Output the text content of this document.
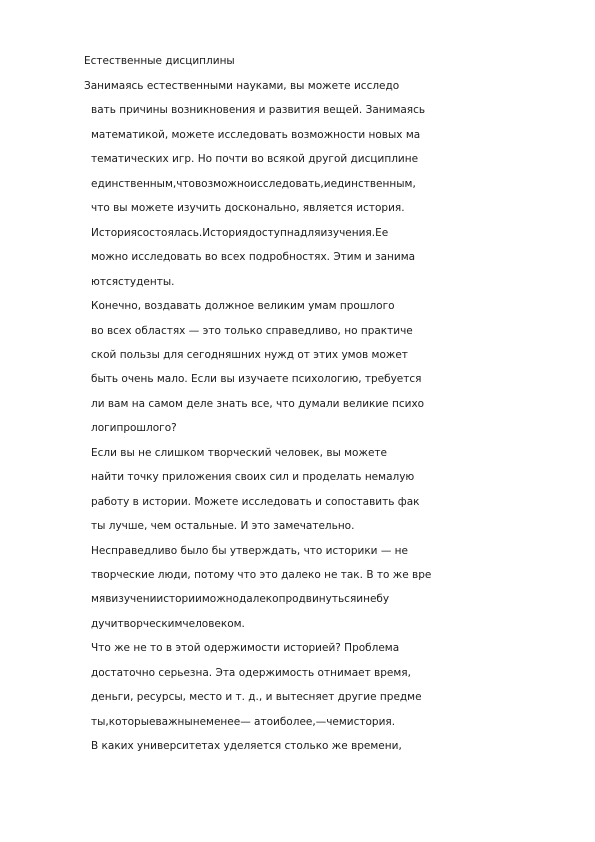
Естественные дисциплины
Занимаясь естественными науками, вы можете исследо
вать причины возникновения и развития вещей. Занимаясь
математикой, можете исследовать возможности новых ма
тематических игр. Но почти во всякой другой дисциплине
единственным,чтовозможноисследовать,иединственным,
что вы можете изучить досконально, является история.
Историясостоялась.Историядоступнадляизучения.Ее
можно исследовать во всех подробностях. Этим и занима
ютсястуденты.
Конечно, воздавать должное великим умам прошлого
во всех областях — это только справедливо, но практиче
ской пользы для сегодняшних нужд от этих умов может
быть очень мало. Если вы изучаете психологию, требуется
ли вам на самом деле знать все, что думали великие психо
логипрошлого?
Если вы не слишком творческий человек, вы можете
найти точку приложения своих сил и проделать немалую
работу в истории. Можете исследовать и сопоставить фак
ты лучше, чем остальные. И это замечательно.
Несправедливо было бы утверждать, что историки — не
творческие люди, потому что это далеко не так. В то же вре
мявизучениисторииможнодалекопродвинутьсяинебу
дучитворческимчеловеком.
Что же не то в этой одержимости историей? Проблема
достаточно серьезна. Эта одержимость отнимает время,
деньги, ресурсы, место и т. д., и вытесняет другие предме
ты,которыеважнынеменее— атоиболее,—чемистория.
В каких университетах уделяется столько же времени,
